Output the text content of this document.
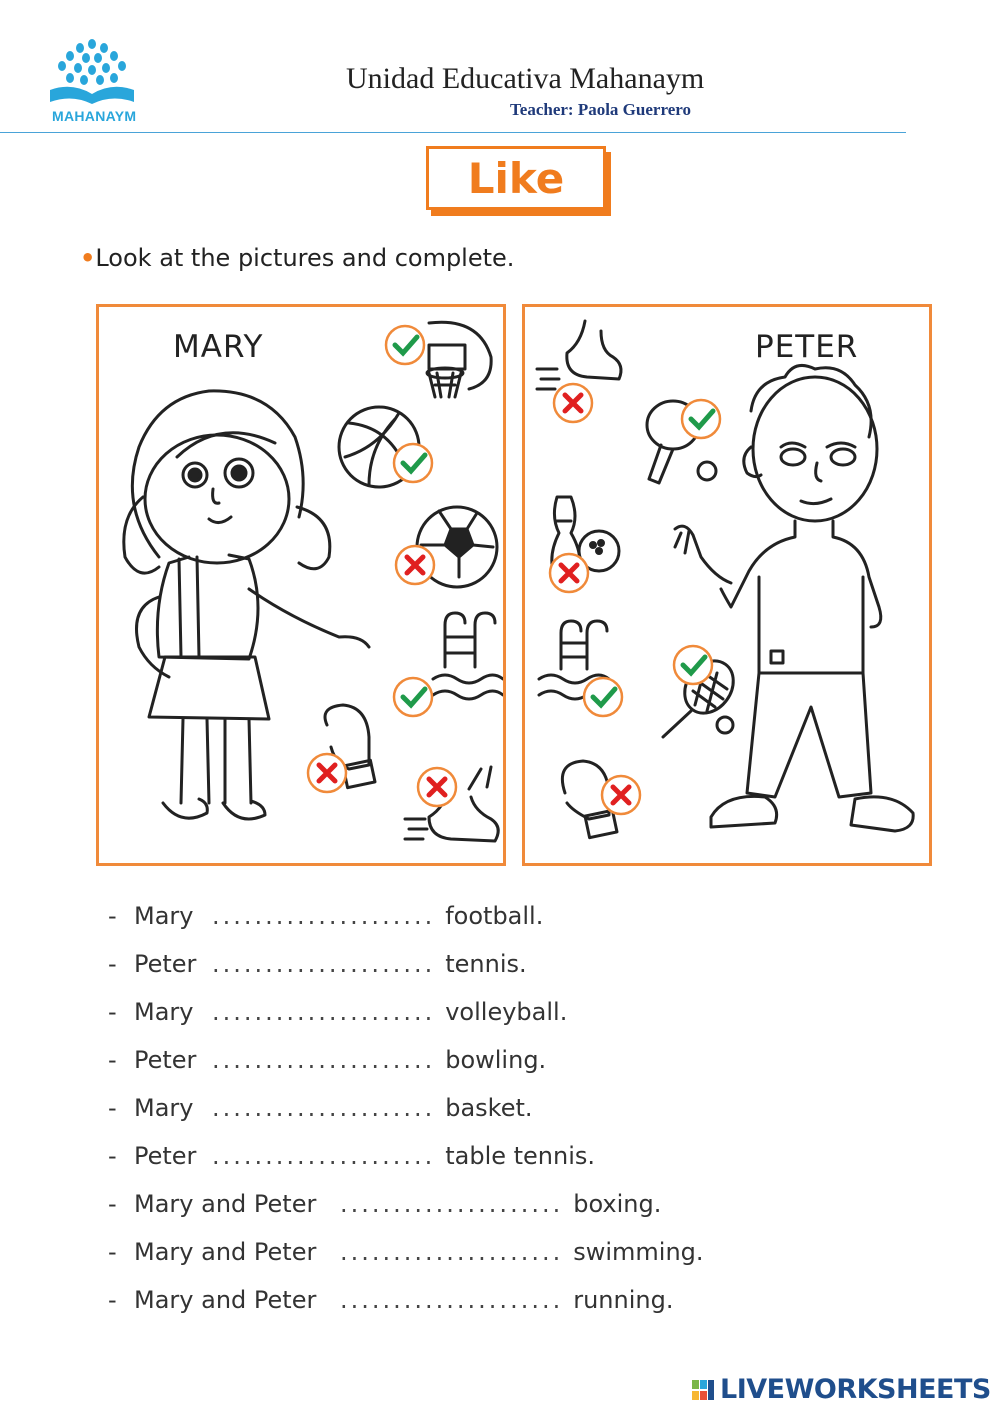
MAHANAYM
Unidad Educativa Mahanaym
Teacher: Paola Guerrero
Like
•Look at the pictures and complete.
MARY	PETER
- Mary ..................... football.
- Peter ..................... tennis.
- Mary ..................... volleyball.
- Peter ..................... bowling.
- Mary ..................... basket.
- Peter ..................... table tennis.
- Mary and Peter ..................... boxing.
- Mary and Peter ..................... swimming.
- Mary and Peter ..................... running.
LIVEWORKSHEETS
